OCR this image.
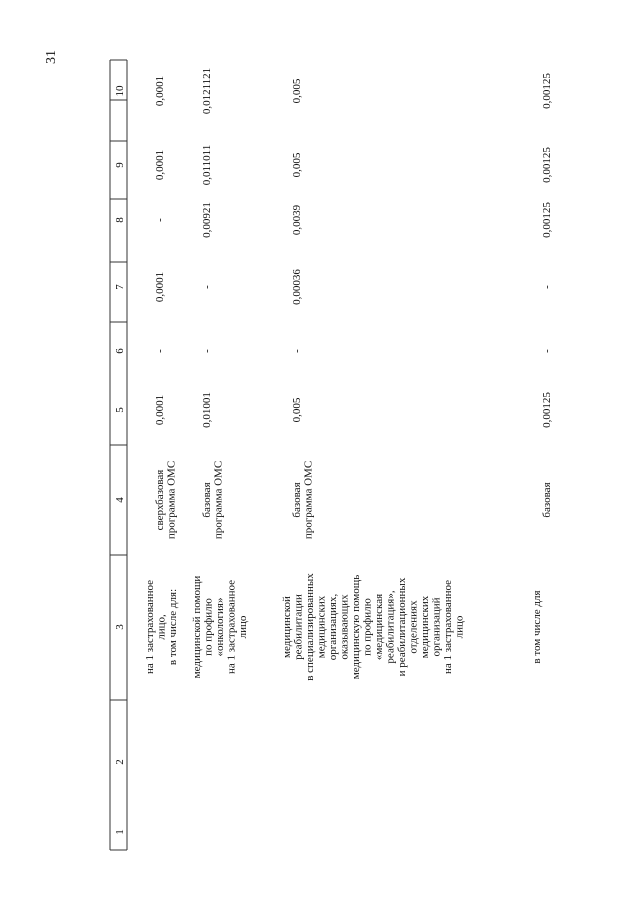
31
1
2
3
4
5
6
7
8
9
10
на 1 застрахованное лицо, в том числе для:
сверхбазовая программа ОМС
0,0001
-
0,0001
-
0,0001
0,0001
медицинской помощи по профилю «онкология» на 1 застрахованное лицо
базовая программа ОМС
0,01001
-
-
0,00921
0,011011
0,0121121
медицинской реабилитации в специализированных медицинских организациях, оказывающих медицинскую помощь по профилю «медицинская реабилитация», и реабилитационных отделениях медицинских организаций на 1 застрахованное лицо
базовая программа ОМС
0,005
-
0,00036
0,0039
0,005
0,005
в том числе для
базовая
0,00125
-
-
0,00125
0,00125
0,00125
